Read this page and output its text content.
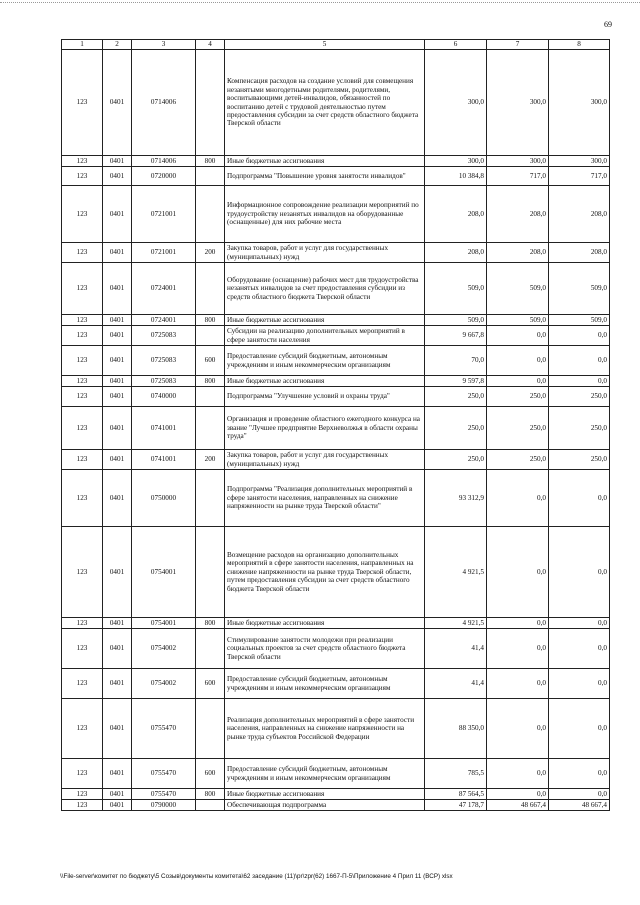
69
1	2	3	4	5	6	7	8
123	0401	0714006		Компенсация расходов на создание условий для совмещения незанятыми многодетными родителями, родителями, воспитывающими детей-инвалидов, обязанностей по воспитанию детей с трудовой деятельностью путем предоставления субсидии за счет средств областного бюджета Тверской области	300,0	300,0	300,0
123	0401	0714006	800	Иные бюджетные ассигнования	300,0	300,0	300,0
123	0401	0720000		Подпрограмма "Повышение уровня занятости инвалидов"	10 384,8	717,0	717,0
123	0401	0721001		Информационное сопровождение реализации мероприятий по трудоустройству незанятых инвалидов на оборудованные (оснащенные) для них рабочие места	208,0	208,0	208,0
123	0401	0721001	200	Закупка товаров, работ и услуг для государственных (муниципальных) нужд	208,0	208,0	208,0
123	0401	0724001		Оборудование (оснащение) рабочих мест для трудоустройства незанятых инвалидов за счет предоставления субсидии из средств областного бюджета Тверской области	509,0	509,0	509,0
123	0401	0724001	800	Иные бюджетные ассигнования	509,0	509,0	509,0
123	0401	0725083		Субсидии на реализацию дополнительных мероприятий в сфере занятости населения	9 667,8	0,0	0,0
123	0401	0725083	600	Предоставление субсидий бюджетным, автономным учреждениям и иным некоммерческим организациям	70,0	0,0	0,0
123	0401	0725083	800	Иные бюджетные ассигнования	9 597,8	0,0	0,0
123	0401	0740000		Подпрограмма "Улучшение условий и охраны труда"	250,0	250,0	250,0
123	0401	0741001		Организация и проведение областного ежегодного конкурса на звание "Лучшее предприятие Верхневолжья в области охраны труда"	250,0	250,0	250,0
123	0401	0741001	200	Закупка товаров, работ и услуг для государственных (муниципальных) нужд	250,0	250,0	250,0
123	0401	0750000		Подпрограмма "Реализация дополнительных мероприятий в сфере занятости населения, направленных на снижение напряженности на рынке труда Тверской области"	93 312,9	0,0	0,0
123	0401	0754001		Возмещение расходов на организацию дополнительных мероприятий в сфере занятости населения, направленных на снижение напряженности на рынке труда Тверской области, путем предоставления субсидии за счет средств областного бюджета Тверской области	4 921,5	0,0	0,0
123	0401	0754001	800	Иные бюджетные ассигнования	4 921,5	0,0	0,0
123	0401	0754002		Стимулирование занятости молодежи при реализации социальных проектов за счет средств областного бюджета Тверской области	41,4	0,0	0,0
123	0401	0754002	600	Предоставление субсидий бюджетным, автономным учреждениям и иным некоммерческим организациям	41,4	0,0	0,0
123	0401	0755470		Реализация дополнительных мероприятий в сфере занятости населения, направленных на снижение напряженности на рынке труда субъектов Российской Федерации	88 350,0	0,0	0,0
123	0401	0755470	600	Предоставление субсидий бюджетным, автономным учреждениям и иным некоммерческим организациям	785,5	0,0	0,0
123	0401	0755470	800	Иные бюджетные ассигнования	87 564,5	0,0	0,0
123	0401	0790000		Обеспечивающая подпрограмма	47 178,7	48 667,4	48 667,4
\\File-server\комитет по бюджету\5 Созыв\документы комитета\62 заседание (11)\pr\zpr(62) 1667-П-5\Приложение 4 Прил 11 (ВСР) xlsx
